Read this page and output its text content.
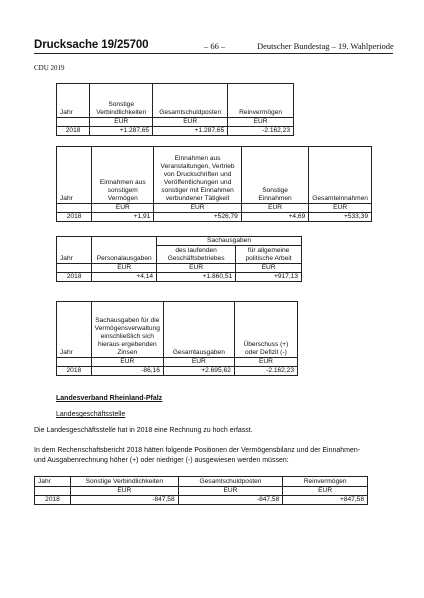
Drucksache 19/25700	– 66 –	Deutscher Bundestag – 19. Wahlperiode
CDU 2019
Jahr	Sonstige Verbindlichkeiten	Gesamtschuldposten	Reinvermögen
	EUR	EUR	EUR
2018	+1.287,65	+1.287,65	-2.162,23
Jahr	Einnahmen aus sonstigem Vermögen	Einnahmen aus Veranstaltungen, Vertrieb von Druckschriften und Veröffentlichungen und sonstiger mit Einnahmen verbundener Tätigkeit	Sonstige Einnahmen	Gesamteinnahmen
	EUR	EUR	EUR	EUR
2018	+1,91	+526,79	+4,69	+533,39
Jahr	Personalausgaben	Sachausgaben	
		des laufenden Geschäftsbetriebes	für allgemeine politische Arbeit
	EUR	EUR	EUR
2018	+4,14	+1.860,51	+917,13
Jahr	Sachausgaben für die Vermögensverwaltung einschließlich sich hieraus ergebenden Zinsen	Gesamtausgaben	Überschuss (+) oder Defizit (-)
	EUR	EUR	EUR
2018	-86,16	+2.695,62	-2.162,23
Landesverband Rheinland-Pfalz
Landesgeschäftsstelle
Die Landesgeschäftsstelle hat in 2018 eine Rechnung zu hoch erfasst.
In dem Rechenschaftsbericht 2018 hätten folgende Positionen der Vermögensbilanz und der Einnahmen-
und Ausgabenrechnung höher (+) oder niedriger (-) ausgewiesen werden müssen:
Jahr	Sonstige Verbindlichkeiten	Gesamtschuldposten	Reinvermögen
	EUR	EUR	EUR
2018	-847,58	-847,58	+847,58
